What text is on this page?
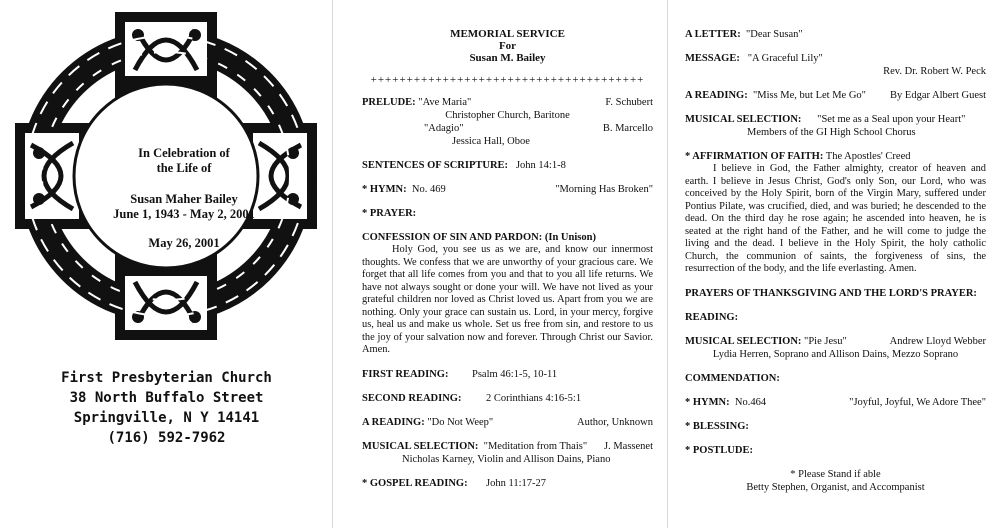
In Celebration of
the Life of
Susan Maher Bailey
June 1, 1943 - May 2, 2001
May 26, 2001
First Presbyterian Church
38 North Buffalo Street
Springville, N Y 14141
(716) 592-7962
MEMORIAL SERVICE
For
Susan M. Bailey
++++++++++++++++++++++++++++++++++++++
PRELUDE: "Ave Maria"	F. Schubert
Christopher Church, Baritone
"Adagio"	B. Marcello
Jessica Hall, Oboe
SENTENCES OF SCRIPTURE: John 14:1-8
* HYMN: No. 469	"Morning Has Broken"
* PRAYER:
CONFESSION OF SIN AND PARDON: (In Unison)
Holy God, you see us as we are, and know our innermost thoughts. We confess that we are unworthy of your gracious care. We forget that all life comes from you and that to you all life returns. We have not always sought or done your will. We have not lived as your grateful children nor loved as Christ loved us. Apart from you we are nothing. Only your grace can sustain us. Lord, in your mercy, forgive us, heal us and make us whole. Set us free from sin, and restore to us the joy of your salvation now and forever. Through Christ our Savior. Amen.
FIRST READING: Psalm 46:1-5, 10-11
SECOND READING: 2 Corinthians 4:16-5:1
A READING: "Do Not Weep"	Author, Unknown
MUSICAL SELECTION: "Meditation from Thais" J. Massenet
Nicholas Karney, Violin and Allison Dains, Piano
* GOSPEL READING: John 11:17-27
A LETTER: "Dear Susan"
MESSAGE: "A Graceful Lily"
Rev. Dr. Robert W. Peck
A READING: "Miss Me, but Let Me Go" By Edgar Albert Guest
MUSICAL SELECTION: "Set me as a Seal upon your Heart"
Members of the GI High School Chorus
* AFFIRMATION OF FAITH: The Apostles' Creed
I believe in God, the Father almighty, creator of heaven and earth. I believe in Jesus Christ, God's only Son, our Lord, who was conceived by the Holy Spirit, born of the Virgin Mary, suffered under Pontius Pilate, was crucified, died, and was buried; he descended to the dead. On the third day he rose again; he ascended into heaven, he is seated at the right hand of the Father, and he will come to judge the living and the dead. I believe in the Holy Spirit, the holy catholic Church, the communion of saints, the forgiveness of sins, the resurrection of the body, and the life everlasting. Amen.
PRAYERS OF THANKSGIVING AND THE LORD'S PRAYER:
READING:
MUSICAL SELECTION: "Pie Jesu"	Andrew Lloyd Webber
Lydia Herren, Soprano and Allison Dains, Mezzo Soprano
COMMENDATION:
* HYMN: No.464	"Joyful, Joyful, We Adore Thee"
* BLESSING:
* POSTLUDE:
* Please Stand if able
Betty Stephen, Organist, and Accompanist
